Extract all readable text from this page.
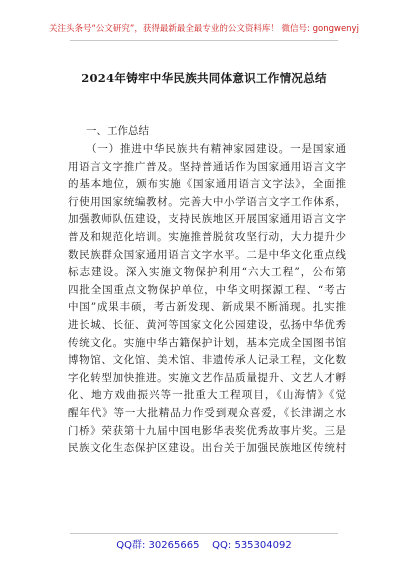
关注头条号“公文研究”，获得最新最全最专业的公文资料库！ 微信号: gongwenyj
2024年铸牢中华民族共同体意识工作情况总结
一、工作总结
（一）推进中华民族共有精神家园建设。一是国家通
用语言文字推广普及。坚持普通话作为国家通用语言文字
的基本地位，颁布实施《国家通用语言文字法》，全面推
行使用国家统编教材。完善大中小学语言文字工作体系，
加强教师队伍建设，支持民族地区开展国家通用语言文字
普及和规范化培训。实施推普脱贫攻坚行动，大力提升少
数民族群众国家通用语言文字水平。二是中华文化重点线
标志建设。深入实施文物保护利用“六大工程”，公布第
四批全国重点文物保护单位，中华文明探源工程、“考古
中国”成果丰硕，考古新发现、新成果不断涌现。扎实推
进长城、长征、黄河等国家文化公园建设，弘扬中华优秀
传统文化。实施中华古籍保护计划，基本完成全国图书馆
博物馆、文化馆、美术馆、非遗传承人记录工程，文化数
字化转型加快推进。实施文艺作品质量提升、文艺人才孵
化、地方戏曲振兴等一批重大工程项目，《山海情》《觉
醒年代》等一大批精品力作受到观众喜爱，《长津湖之水
门桥》荣获第十九届中国电影华表奖优秀故事片奖。三是
民族文化生态保护区建设。出台关于加强民族地区传统村
QQ群: 30265665    QQ: 535304092
